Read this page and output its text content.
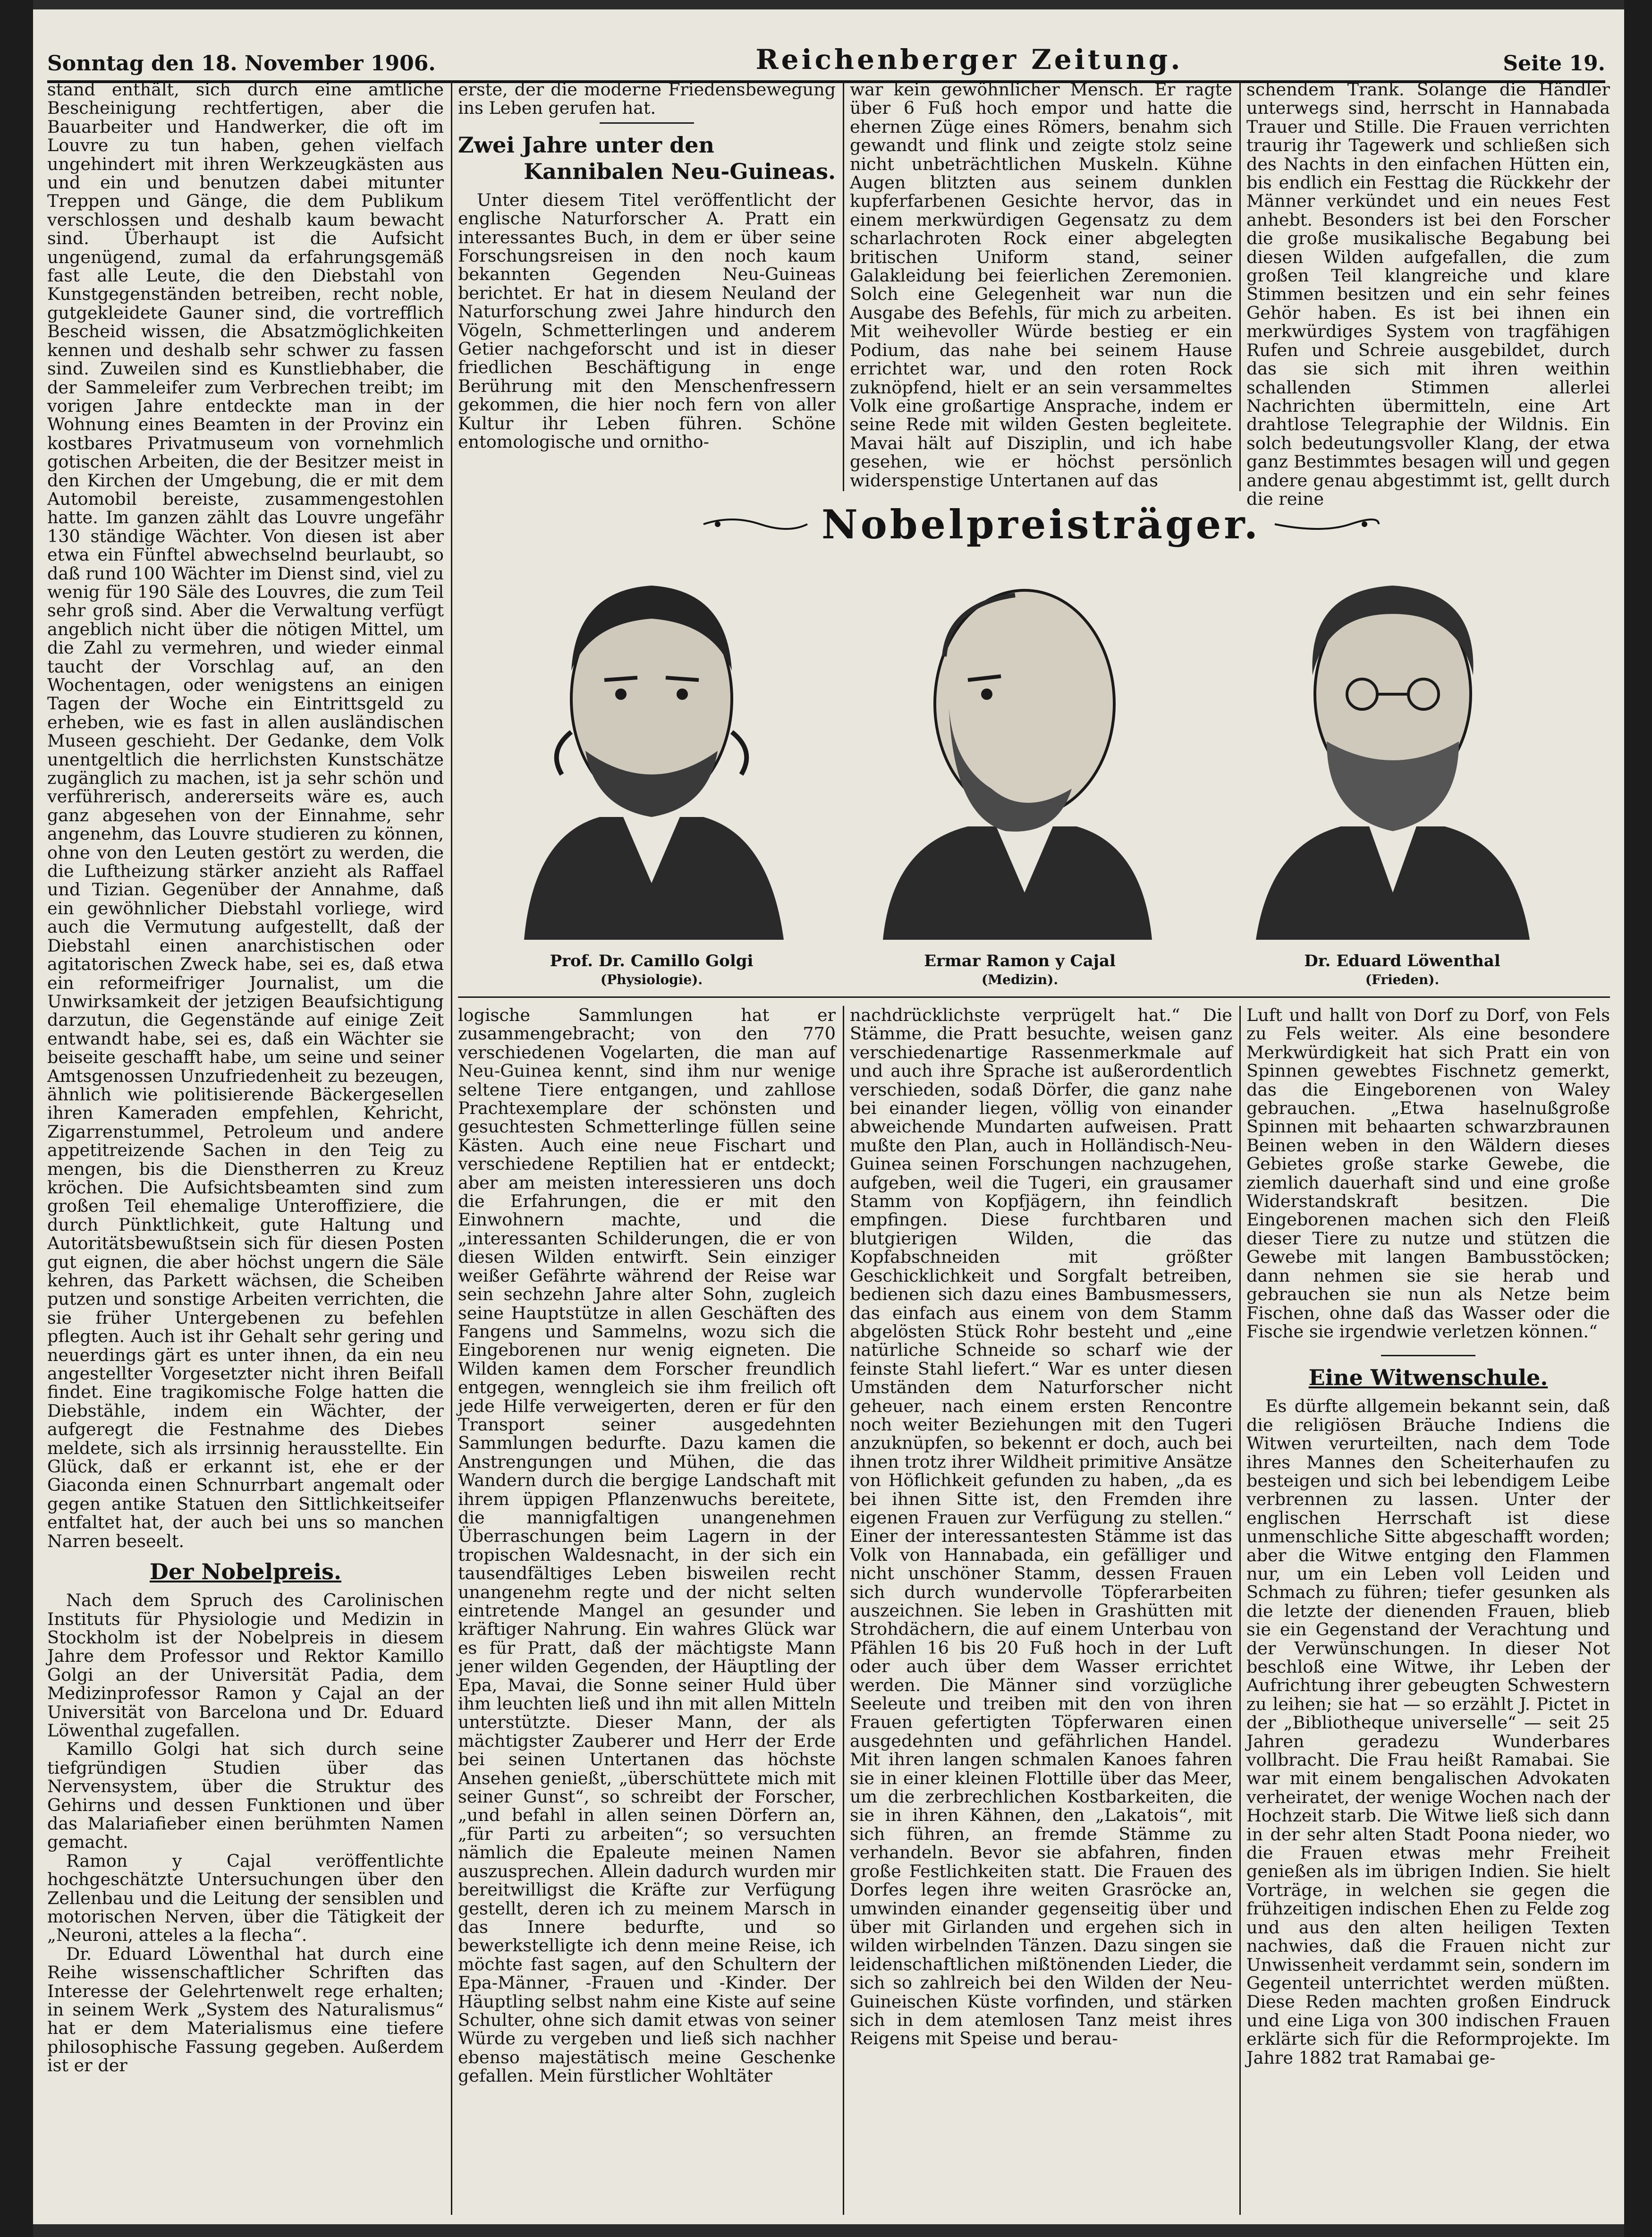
Sonntag den 18. November 1906.	Reichenberger Zeitung.	Seite 19.

stand enthält, sich durch eine amtliche Bescheinigung rechtfertigen, aber die Bauarbeiter und Handwerker, die oft im Louvre zu tun haben, gehen vielfach ungehindert mit ihren Werkzeugkästen aus und ein und benutzen dabei mitunter Treppen und Gänge, die dem Publikum verschlossen und deshalb kaum bewacht sind. Überhaupt ist die Aufsicht ungenügend, zumal da erfahrungsgemäß fast alle Leute, die den Diebstahl von Kunstgegenständen betreiben, recht noble, gutgekleidete Gauner sind, die vortrefflich Bescheid wissen, die Absatzmöglichkeiten kennen und deshalb sehr schwer zu fassen sind. Zuweilen sind es Kunstliebhaber, die der Sammeleifer zum Verbrechen treibt; im vorigen Jahre entdeckte man in der Wohnung eines Beamten in der Provinz ein kostbares Privatmuseum von vornehmlich gotischen Arbeiten, die der Besitzer meist in den Kirchen der Umgebung, die er mit dem Automobil bereiste, zusammengestohlen hatte. Im ganzen zählt das Louvre ungefähr 130 ständige Wächter. Von diesen ist aber etwa ein Fünftel abwechselnd beurlaubt, so daß rund 100 Wächter im Dienst sind, viel zu wenig für 190 Säle des Louvres, die zum Teil sehr groß sind. Aber die Verwaltung verfügt angeblich nicht über die nötigen Mittel, um die Zahl zu vermehren, und wieder einmal taucht der Vorschlag auf, an den Wochentagen, oder wenigstens an einigen Tagen der Woche ein Eintrittsgeld zu erheben, wie es fast in allen ausländischen Museen geschieht. Der Gedanke, dem Volk unentgeltlich die herrlichsten Kunstschätze zugänglich zu machen, ist ja sehr schön und verführerisch, andererseits wäre es, auch ganz abgesehen von der Einnahme, sehr angenehm, das Louvre studieren zu können, ohne von den Leuten gestört zu werden, die die Luftheizung stärker anzieht als Raffael und Tizian. Gegenüber der Annahme, daß ein gewöhnlicher Diebstahl vorliege, wird auch die Vermutung aufgestellt, daß der Diebstahl einen anarchistischen oder agitatorischen Zweck habe, sei es, daß etwa ein reformeifriger Journalist, um die Unwirksamkeit der jetzigen Beaufsichtigung darzutun, die Gegenstände auf einige Zeit entwandt habe, sei es, daß ein Wächter sie beiseite geschafft habe, um seine und seiner Amtsgenossen Unzufriedenheit zu bezeugen, ähnlich wie politisierende Bäckergesellen ihren Kameraden empfehlen, Kehricht, Zigarrenstummel, Petroleum und andere appetitreizende Sachen in den Teig zu mengen, bis die Dienstherren zu Kreuz kröchen. Die Aufsichtsbeamten sind zum großen Teil ehemalige Unteroffiziere, die durch Pünktlichkeit, gute Haltung und Autoritätsbewußtsein sich für diesen Posten gut eignen, die aber höchst ungern die Säle kehren, das Parkett wächsen, die Scheiben putzen und sonstige Arbeiten verrichten, die sie früher Untergebenen zu befehlen pflegten. Auch ist ihr Gehalt sehr gering und neuerdings gärt es unter ihnen, da ein neu angestellter Vorgesetzter nicht ihren Beifall findet. Eine tragikomische Folge hatten die Diebstähle, indem ein Wächter, der aufgeregt die Festnahme des Diebes meldete, sich als irrsinnig herausstellte. Ein Glück, daß er erkannt ist, ehe er der Giaconda einen Schnurrbart angemalt oder gegen antike Statuen den Sittlichkeitseifer entfaltet hat, der auch bei uns so manchen Narren beseelt.

Der Nobelpreis.

Nach dem Spruch des Carolinischen Instituts für Physiologie und Medizin in Stockholm ist der Nobelpreis in diesem Jahre dem Professor und Rektor Kamillo Golgi an der Universität Padia, dem Medizinprofessor Ramon y Cajal an der Universität von Barcelona und Dr. Eduard Löwenthal zugefallen.

Kamillo Golgi hat sich durch seine tiefgründigen Studien über das Nervensystem, über die Struktur des Gehirns und dessen Funktionen und über das Malariafieber einen berühmten Namen gemacht.

Ramon y Cajal veröffentlichte hochgeschätzte Untersuchungen über den Zellenbau und die Leitung der sensiblen und motorischen Nerven, über die Tätigkeit der „Neuroni, atteles a la flecha“.

Dr. Eduard Löwenthal hat durch eine Reihe wissenschaftlicher Schriften das Interesse der Gelehrtenwelt rege erhalten; in seinem Werk „System des Naturalismus“ hat er dem Materialismus eine tiefere philosophische Fassung gegeben. Außerdem ist er der

erste, der die moderne Friedensbewegung ins Leben gerufen hat.

Zwei Jahre unter den
Kannibalen Neu-Guineas.

Unter diesem Titel veröffentlicht der englische Naturforscher A. Pratt ein interessantes Buch, in dem er über seine Forschungsreisen in den noch kaum bekannten Gegenden Neu-Guineas berichtet. Er hat in diesem Neuland der Naturforschung zwei Jahre hindurch den Vögeln, Schmetterlingen und anderem Getier nachgeforscht und ist in dieser friedlichen Beschäftigung in enge Berührung mit den Menschenfressern gekommen, die hier noch fern von aller Kultur ihr Leben führen. Schöne entomologische und ornitho-

war kein gewöhnlicher Mensch. Er ragte über 6 Fuß hoch empor und hatte die ehernen Züge eines Römers, benahm sich gewandt und flink und zeigte stolz seine nicht unbeträchtlichen Muskeln. Kühne Augen blitzten aus seinem dunklen kupferfarbenen Gesichte hervor, das in einem merkwürdigen Gegensatz zu dem scharlachroten Rock einer abgelegten britischen Uniform stand, seiner Galakleidung bei feierlichen Zeremonien. Solch eine Gelegenheit war nun die Ausgabe des Befehls, für mich zu arbeiten. Mit weihevoller Würde bestieg er ein Podium, das nahe bei seinem Hause errichtet war, und den roten Rock zuknöpfend, hielt er an sein versammeltes Volk eine großartige Ansprache, indem er seine Rede mit wilden Gesten begleitete. Mavai hält auf Disziplin, und ich habe gesehen, wie er höchst persönlich widerspenstige Untertanen auf das

schendem Trank. Solange die Händler unterwegs sind, herrscht in Hannabada Trauer und Stille. Die Frauen verrichten traurig ihr Tagewerk und schließen sich des Nachts in den einfachen Hütten ein, bis endlich ein Festtag die Rückkehr der Männer verkündet und ein neues Fest anhebt. Besonders ist bei den Forscher die große musikalische Begabung bei diesen Wilden aufgefallen, die zum großen Teil klangreiche und klare Stimmen besitzen und ein sehr feines Gehör haben. Es ist bei ihnen ein merkwürdiges System von tragfähigen Rufen und Schreie ausgebildet, durch das sie sich mit ihren weithin schallenden Stimmen allerlei Nachrichten übermitteln, eine Art drahtlose Telegraphie der Wildnis. Ein solch bedeutungsvoller Klang, der etwa ganz Bestimmtes besagen will und gegen andere genau abgestimmt ist, gellt durch die reine

Nobelpreisträger.
Prof. Dr. Camillo Golgi
(Physiologie).
Ermar Ramon y Cajal
(Medizin).
Dr. Eduard Löwenthal
(Frieden).

logische Sammlungen hat er zusammengebracht; von den 770 verschiedenen Vogelarten, die man auf Neu-Guinea kennt, sind ihm nur wenige seltene Tiere entgangen, und zahllose Prachtexemplare der schönsten und gesuchtesten Schmetterlinge füllen seine Kästen. Auch eine neue Fischart und verschiedene Reptilien hat er entdeckt; aber am meisten interessieren uns doch die Erfahrungen, die er mit den Einwohnern machte, und die „interessanten Schilderungen, die er von diesen Wilden entwirft. Sein einziger weißer Gefährte während der Reise war sein sechzehn Jahre alter Sohn, zugleich seine Hauptstütze in allen Geschäften des Fangens und Sammelns, wozu sich die Eingeborenen nur wenig eigneten. Die Wilden kamen dem Forscher freundlich entgegen, wenngleich sie ihm freilich oft jede Hilfe verweigerten, deren er für den Transport seiner ausgedehnten Sammlungen bedurfte. Dazu kamen die Anstrengungen und Mühen, die das Wandern durch die bergige Landschaft mit ihrem üppigen Pflanzenwuchs bereitete, die mannigfaltigen unangenehmen Überraschungen beim Lagern in der tropischen Waldesnacht, in der sich ein tausendfältiges Leben bisweilen recht unangenehm regte und der nicht selten eintretende Mangel an gesunder und kräftiger Nahrung. Ein wahres Glück war es für Pratt, daß der mächtigste Mann jener wilden Gegenden, der Häuptling der Epa, Mavai, die Sonne seiner Huld über ihm leuchten ließ und ihn mit allen Mitteln unterstützte. Dieser Mann, der als mächtigster Zauberer und Herr der Erde bei seinen Untertanen das höchste Ansehen genießt, „überschüttete mich mit seiner Gunst“, so schreibt der Forscher, „und befahl in allen seinen Dörfern an, „für Parti zu arbeiten“; so versuchten nämlich die Epaleute meinen Namen auszusprechen. Allein dadurch wurden mir bereitwilligst die Kräfte zur Verfügung gestellt, deren ich zu meinem Marsch in das Innere bedurfte, und so bewerkstelligte ich denn meine Reise, ich möchte fast sagen, auf den Schultern der Epa-Männer, -Frauen und -Kinder. Der Häuptling selbst nahm eine Kiste auf seine Schulter, ohne sich damit etwas von seiner Würde zu vergeben und ließ sich nachher ebenso majestätisch meine Geschenke gefallen. Mein fürstlicher Wohltäter

nachdrücklichste verprügelt hat.“ Die Stämme, die Pratt besuchte, weisen ganz verschiedenartige Rassenmerkmale auf und auch ihre Sprache ist außerordentlich verschieden, sodaß Dörfer, die ganz nahe bei einander liegen, völlig von einander abweichende Mundarten aufweisen. Pratt mußte den Plan, auch in Holländisch-Neu-Guinea seinen Forschungen nachzugehen, aufgeben, weil die Tugeri, ein grausamer Stamm von Kopfjägern, ihn feindlich empfingen. Diese furchtbaren und blutgierigen Wilden, die das Kopfabschneiden mit größter Geschicklichkeit und Sorgfalt betreiben, bedienen sich dazu eines Bambusmessers, das einfach aus einem von dem Stamm abgelösten Stück Rohr besteht und „eine natürliche Schneide so scharf wie der feinste Stahl liefert.“ War es unter diesen Umständen dem Naturforscher nicht geheuer, nach einem ersten Rencontre noch weiter Beziehungen mit den Tugeri anzuknüpfen, so bekennt er doch, auch bei ihnen trotz ihrer Wildheit primitive Ansätze von Höflichkeit gefunden zu haben, „da es bei ihnen Sitte ist, den Fremden ihre eigenen Frauen zur Verfügung zu stellen.“ Einer der interessantesten Stämme ist das Volk von Hannabada, ein gefälliger und nicht unschöner Stamm, dessen Frauen sich durch wundervolle Töpferarbeiten auszeichnen. Sie leben in Grashütten mit Strohdächern, die auf einem Unterbau von Pfählen 16 bis 20 Fuß hoch in der Luft oder auch über dem Wasser errichtet werden. Die Männer sind vorzügliche Seeleute und treiben mit den von ihren Frauen gefertigten Töpferwaren einen ausgedehnten und gefährlichen Handel. Mit ihren langen schmalen Kanoes fahren sie in einer kleinen Flottille über das Meer, um die zerbrechlichen Kostbarkeiten, die sie in ihren Kähnen, den „Lakatois“, mit sich führen, an fremde Stämme zu verhandeln. Bevor sie abfahren, finden große Festlichkeiten statt. Die Frauen des Dorfes legen ihre weiten Grasröcke an, umwinden einander gegenseitig über und über mit Girlanden und ergehen sich in wilden wirbelnden Tänzen. Dazu singen sie leidenschaftlichen mißtönenden Lieder, die sich so zahlreich bei den Wilden der Neu-Guineischen Küste vorfinden, und stärken sich in dem atemlosen Tanz meist ihres Reigens mit Speise und berau-

Luft und hallt von Dorf zu Dorf, von Fels zu Fels weiter. Als eine besondere Merkwürdigkeit hat sich Pratt ein von Spinnen gewebtes Fischnetz gemerkt, das die Eingeborenen von Waley gebrauchen. „Etwa haselnußgroße Spinnen mit behaarten schwarzbraunen Beinen weben in den Wäldern dieses Gebietes große starke Gewebe, die ziemlich dauerhaft sind und eine große Widerstandskraft besitzen. Die Eingeborenen machen sich den Fleiß dieser Tiere zu nutze und stützen die Gewebe mit langen Bambusstöcken; dann nehmen sie sie herab und gebrauchen sie nun als Netze beim Fischen, ohne daß das Wasser oder die Fische sie irgendwie verletzen können.“

Eine Witwenschule.

Es dürfte allgemein bekannt sein, daß die religiösen Bräuche Indiens die Witwen verurteilten, nach dem Tode ihres Mannes den Scheiterhaufen zu besteigen und sich bei lebendigem Leibe verbrennen zu lassen. Unter der englischen Herrschaft ist diese unmenschliche Sitte abgeschafft worden; aber die Witwe entging den Flammen nur, um ein Leben voll Leiden und Schmach zu führen; tiefer gesunken als die letzte der dienenden Frauen, blieb sie ein Gegenstand der Verachtung und der Verwünschungen. In dieser Not beschloß eine Witwe, ihr Leben der Aufrichtung ihrer gebeugten Schwestern zu leihen; sie hat — so erzählt J. Pictet in der „Bibliotheque universelle“ — seit 25 Jahren geradezu Wunderbares vollbracht. Die Frau heißt Ramabai. Sie war mit einem bengalischen Advokaten verheiratet, der wenige Wochen nach der Hochzeit starb. Die Witwe ließ sich dann in der sehr alten Stadt Poona nieder, wo die Frauen etwas mehr Freiheit genießen als im übrigen Indien. Sie hielt Vorträge, in welchen sie gegen die frühzeitigen indischen Ehen zu Felde zog und aus den alten heiligen Texten nachwies, daß die Frauen nicht zur Unwissenheit verdammt sein, sondern im Gegenteil unterrichtet werden müßten. Diese Reden machten großen Eindruck und eine Liga von 300 indischen Frauen erklärte sich für die Reformprojekte. Im Jahre 1882 trat Ramabai ge-
